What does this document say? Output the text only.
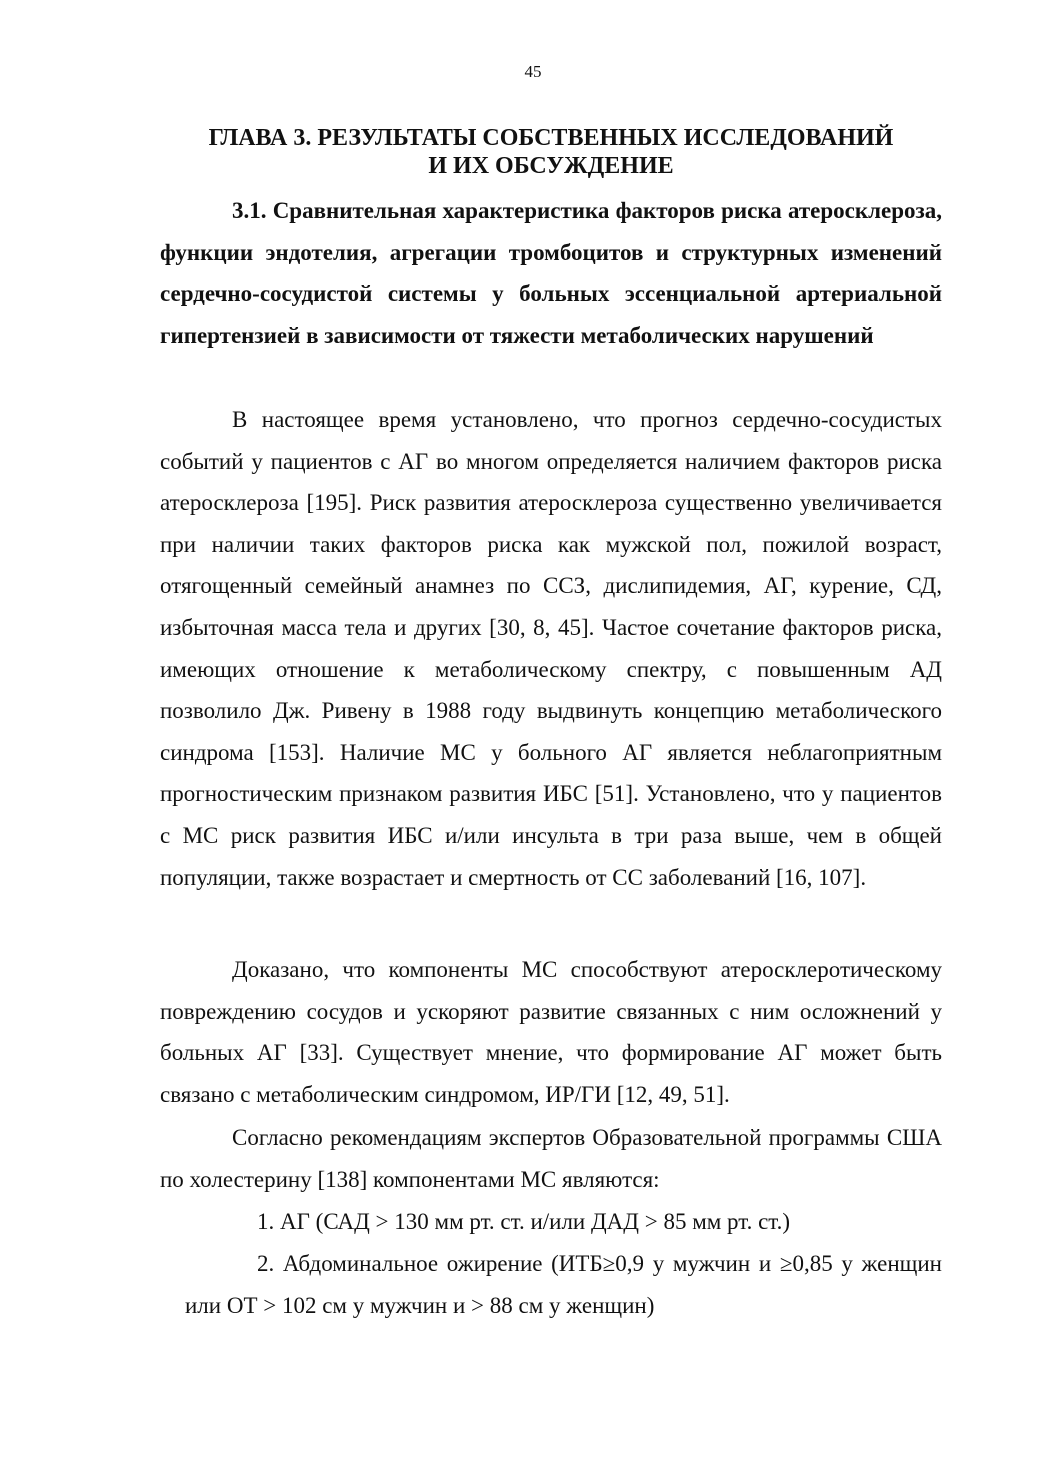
45
ГЛАВА 3. РЕЗУЛЬТАТЫ СОБСТВЕННЫХ ИССЛЕДОВАНИЙ
И ИХ ОБСУЖДЕНИЕ

3.1. Сравнительная характеристика факторов риска атеросклероза, функции эндотелия, агрегации тромбоцитов и структурных изменений сердечно-сосудистой системы у больных эссенциальной артериальной гипертензией в зависимости от тяжести метаболических нарушений

В настоящее время установлено, что прогноз сердечно-сосудистых событий у пациентов с АГ во многом определяется наличием факторов риска атеросклероза [195]. Риск развития атеросклероза существенно увеличивается при наличии таких факторов риска как мужской пол, пожилой возраст, отягощенный семейный анамнез по ССЗ, дислипидемия, АГ, курение, СД, избыточная масса тела и других [30, 8, 45]. Частое сочетание факторов риска, имеющих отношение к метаболическому спектру, с повышенным АД позволило Дж. Ривену в 1988 году выдвинуть концепцию метаболического синдрома [153]. Наличие МС у больного АГ является неблагоприятным прогностическим признаком развития ИБС [51]. Установлено, что у пациентов с МС риск развития ИБС и/или инсульта в три раза выше, чем в общей популяции, также возрастает и смертность от СС заболеваний [16, 107].

Доказано, что компоненты МС способствуют атеросклеротическому повреждению сосудов и ускоряют развитие связанных с ним осложнений у больных АГ [33]. Существует мнение, что формирование АГ может быть связано с метаболическим синдромом, ИР/ГИ [12, 49, 51].

Согласно рекомендациям экспертов Образовательной программы США по холестерину [138] компонентами МС являются:

1. АГ (САД > 130 мм рт. ст. и/или ДАД > 85 мм рт. ст.)

2. Абдоминальное ожирение (ИТБ≥0,9 у мужчин и ≥0,85 у женщин или ОТ > 102 см у мужчин и > 88 см у женщин)
